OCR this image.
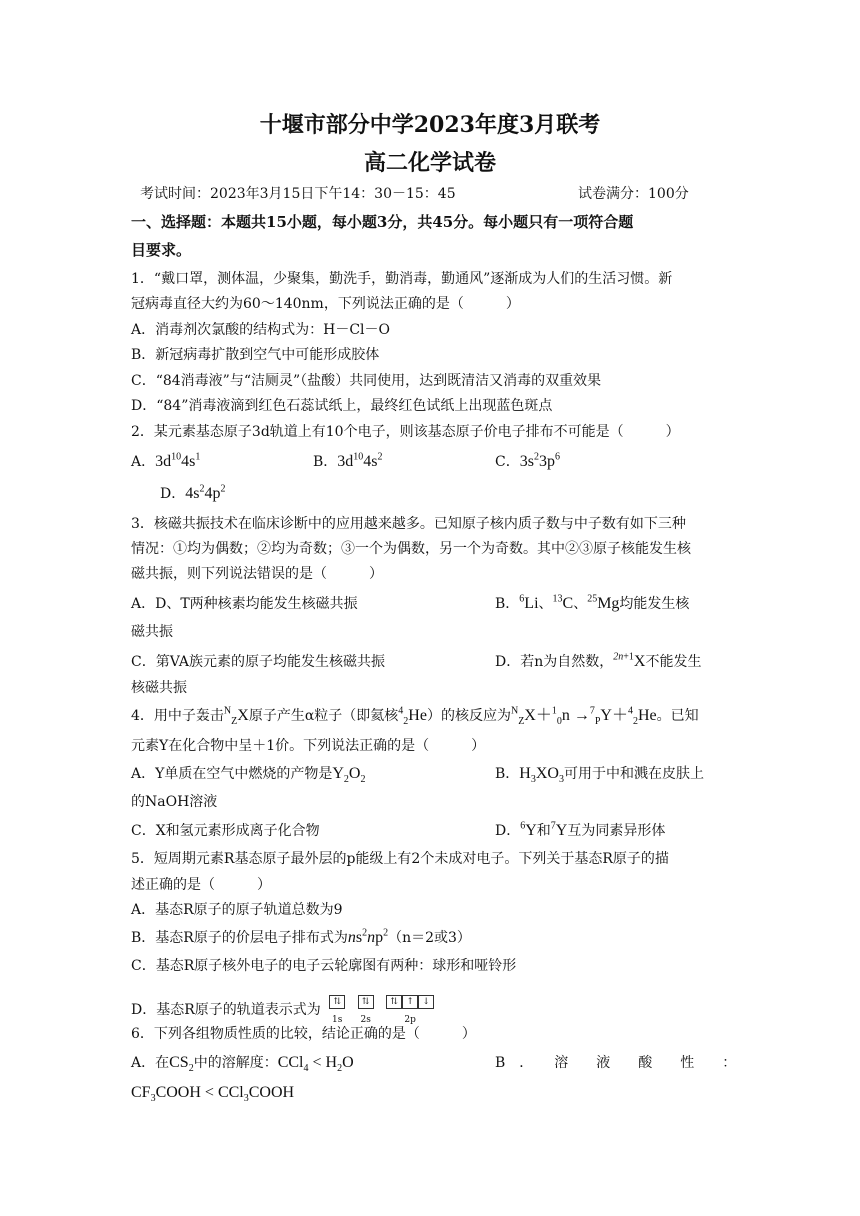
十堰市部分中学2023年度3月联考
高二化学试卷
考试时间：2023年3月15日下午14：30－15：45	试卷满分：100分
一、选择题：本题共15小题，每小题3分，共45分。每小题只有一项符合题
目要求。
1．“戴口罩，测体温，少聚集，勤洗手，勤消毒，勤通风”逐渐成为人们的生活习惯。新
冠病毒直径大约为60～140nm，下列说法正确的是（　　　）
A．消毒剂次氯酸的结构式为：H－Cl－O
B．新冠病毒扩散到空气中可能形成胶体
C．“84消毒液”与“洁厕灵”（盐酸）共同使用，达到既清洁又消毒的双重效果
D．“84”消毒液滴到红色石蕊试纸上，最终红色试纸上出现蓝色斑点
2．某元素基态原子3d轨道上有10个电子，则该基态原子价电子排布不可能是（　　　）
A．$3d^{10}4s^1$	B．$3d^{10}4s^2$	C．$3s^23p^6$
D．$4s^24p^2$
3．核磁共振技术在临床诊断中的应用越来越多。已知原子核内质子数与中子数有如下三种
情况：①均为偶数；②均为奇数；③一个为偶数，另一个为奇数。其中②③原子核能发生核
磁共振，则下列说法错误的是（　　　）
A．D、T两种核素均能发生核磁共振	B．$^6$Li、$^{13}$C、$^{25}$Mg均能发生核
磁共振
C．第VA族元素的原子均能发生核磁共振	D．若n为自然数，$^{2n+1}$X不能发生
核磁共振
4．用中子轰击$^N_Z$X原子产生α粒子（即氦核$^4_2$He）的核反应为$^N_Z$X＋$^1_0$n →$^7_P$Y＋$^4_2$He。已知
元素Y在化合物中呈＋1价。下列说法正确的是（　　　）
A．Y单质在空气中燃烧的产物是$Y_2O_2$	B．$H_3XO_3$可用于中和溅在皮肤上
的NaOH溶液
C．X和氢元素形成离子化合物	D．$^6$Y和$^7$Y互为同素异形体
5．短周期元素R基态原子最外层的p能级上有2个未成对电子。下列关于基态R原子的描
述正确的是（　　　）
A．基态R原子的原子轨道总数为9
B．基态R原子的价层电子排布式为$ns^2np^2(n=2$或3）
C．基态R原子核外电子的电子云轮廓图有两种：球形和哑铃形
D．基态R原子的轨道表示式为 ⇅
1s
⇅
2s
⇅ ↑ ↓
2p
6．下列各组物质性质的比较，结论正确的是（　　　）
A．在$CS_2$中的溶解度：$CCl_4 < H_2O$	B　．　　溶　　液　　酸　　性　　：
$CF_3COOH$ < CCl$_3$COOH
